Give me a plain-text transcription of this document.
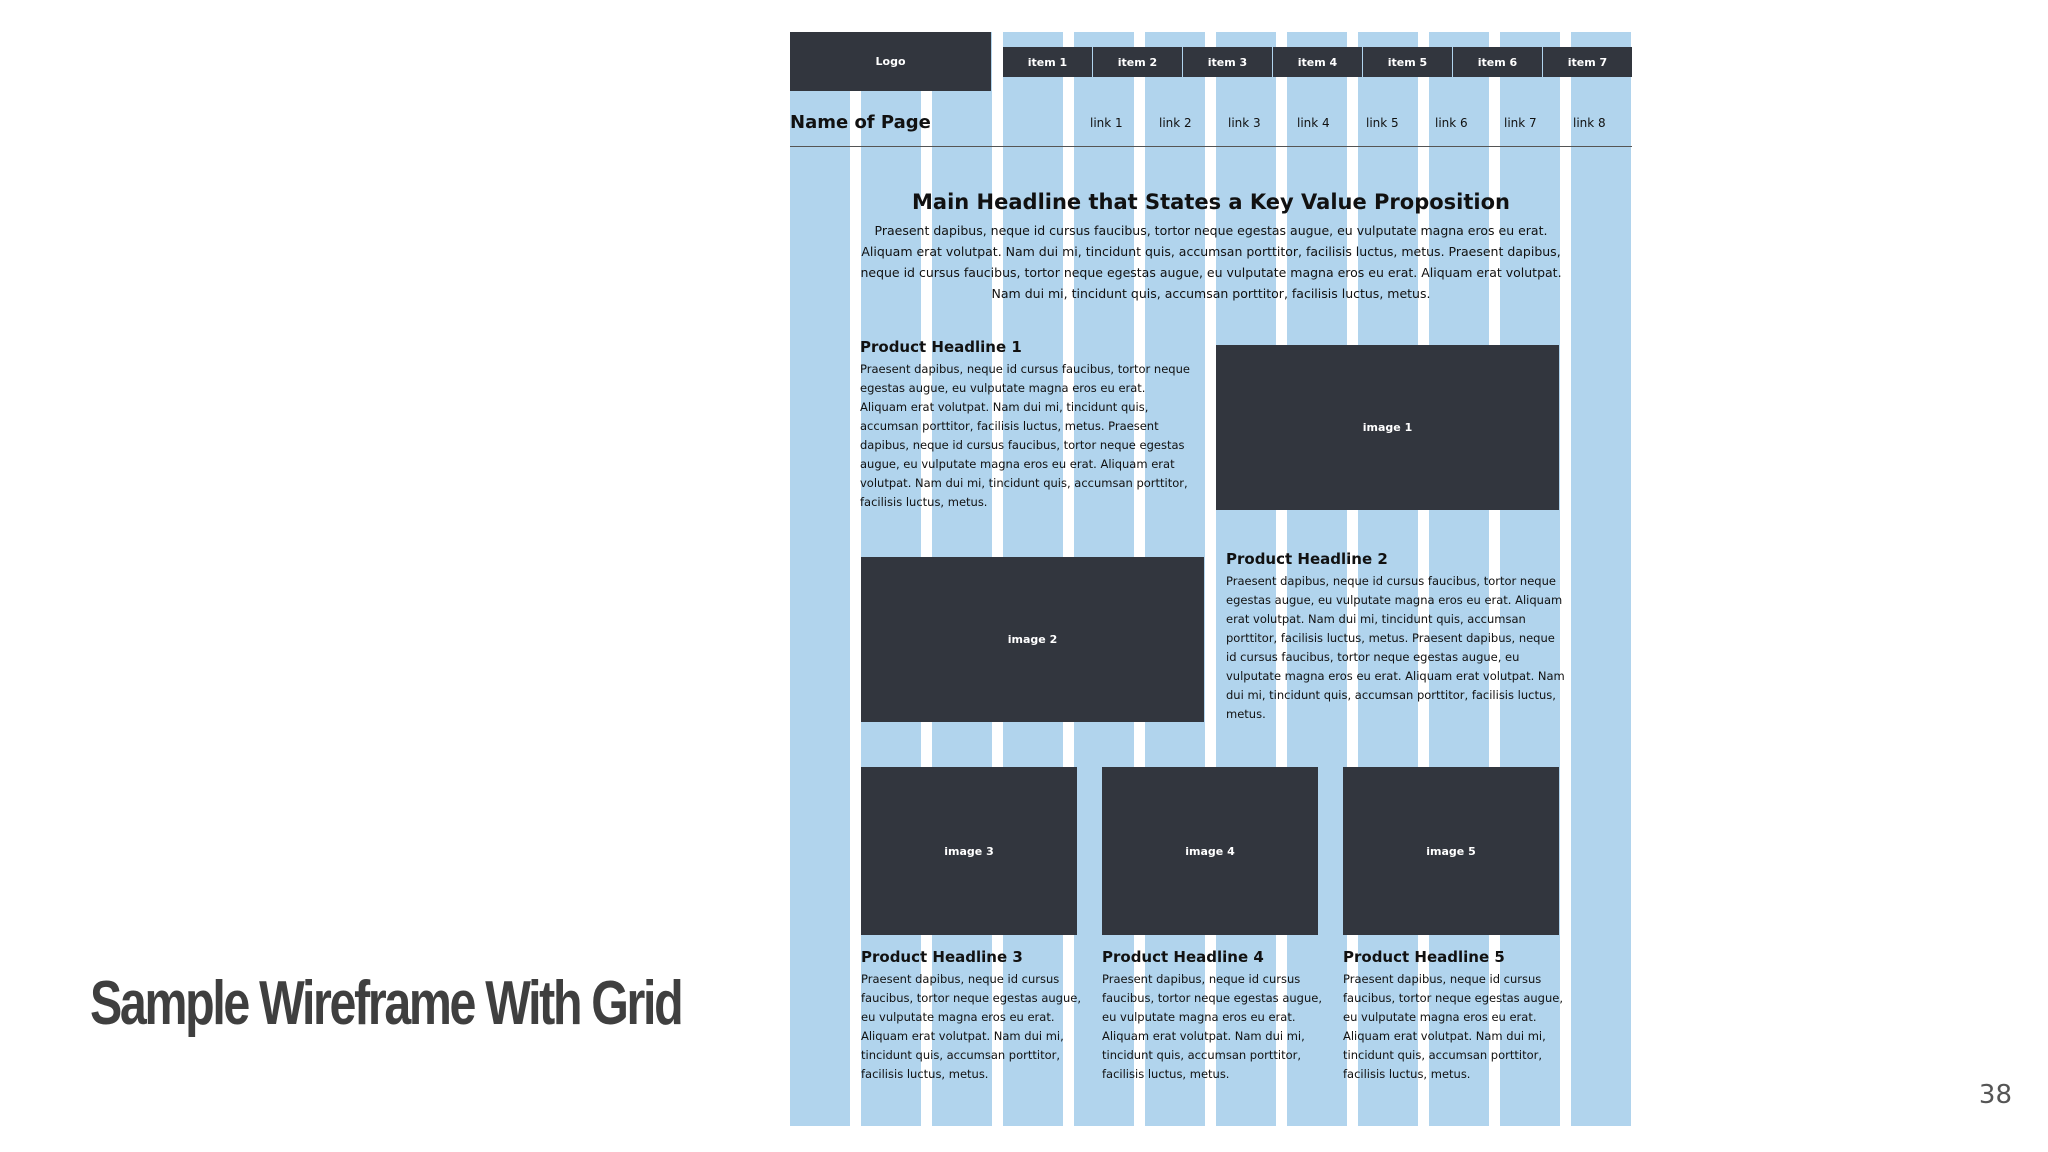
Sample Wireframe With Grid
38
Logo	item 1	item 2	item 3	item 4	item 5	item 6	item 7
Name of Page	link 1	link 2	link 3	link 4	link 5	link 6	link 7	link 8
Main Headline that States a Key Value Proposition

Praesent dapibus, neque id cursus faucibus, tortor neque egestas augue, eu vulputate magna eros eu erat. Aliquam erat volutpat. Nam dui mi, tincidunt quis, accumsan porttitor, facilisis luctus, metus. Praesent dapibus, neque id cursus faucibus, tortor neque egestas augue, eu vulputate magna eros eu erat. Aliquam erat volutpat. Nam dui mi, tincidunt quis, accumsan porttitor, facilisis luctus, metus.

Product Headline 1

Praesent dapibus, neque id cursus faucibus, tortor neque egestas augue, eu vulputate magna eros eu erat. Aliquam erat volutpat. Nam dui mi, tincidunt quis, accumsan porttitor, facilisis luctus, metus. Praesent dapibus, neque id cursus faucibus, tortor neque egestas augue, eu vulputate magna eros eu erat. Aliquam erat volutpat. Nam dui mi, tincidunt quis, accumsan porttitor, facilisis luctus, metus.

image 1
image 2
Product Headline 2

Praesent dapibus, neque id cursus faucibus, tortor neque egestas augue, eu vulputate magna eros eu erat. Aliquam erat volutpat. Nam dui mi, tincidunt quis, accumsan porttitor, facilisis luctus, metus. Praesent dapibus, neque id cursus faucibus, tortor neque egestas augue, eu vulputate magna eros eu erat. Aliquam erat volutpat. Nam dui mi, tincidunt quis, accumsan porttitor, facilisis luctus, metus.

image 3	image 4	image 5
Product Headline 3

Praesent dapibus, neque id cursus faucibus, tortor neque egestas augue, eu vulputate magna eros eu erat. Aliquam erat volutpat. Nam dui mi, tincidunt quis, accumsan porttitor, facilisis luctus, metus.

Product Headline 4

Praesent dapibus, neque id cursus faucibus, tortor neque egestas augue, eu vulputate magna eros eu erat. Aliquam erat volutpat. Nam dui mi, tincidunt quis, accumsan porttitor, facilisis luctus, metus.

Product Headline 5

Praesent dapibus, neque id cursus faucibus, tortor neque egestas augue, eu vulputate magna eros eu erat. Aliquam erat volutpat. Nam dui mi, tincidunt quis, accumsan porttitor, facilisis luctus, metus.
